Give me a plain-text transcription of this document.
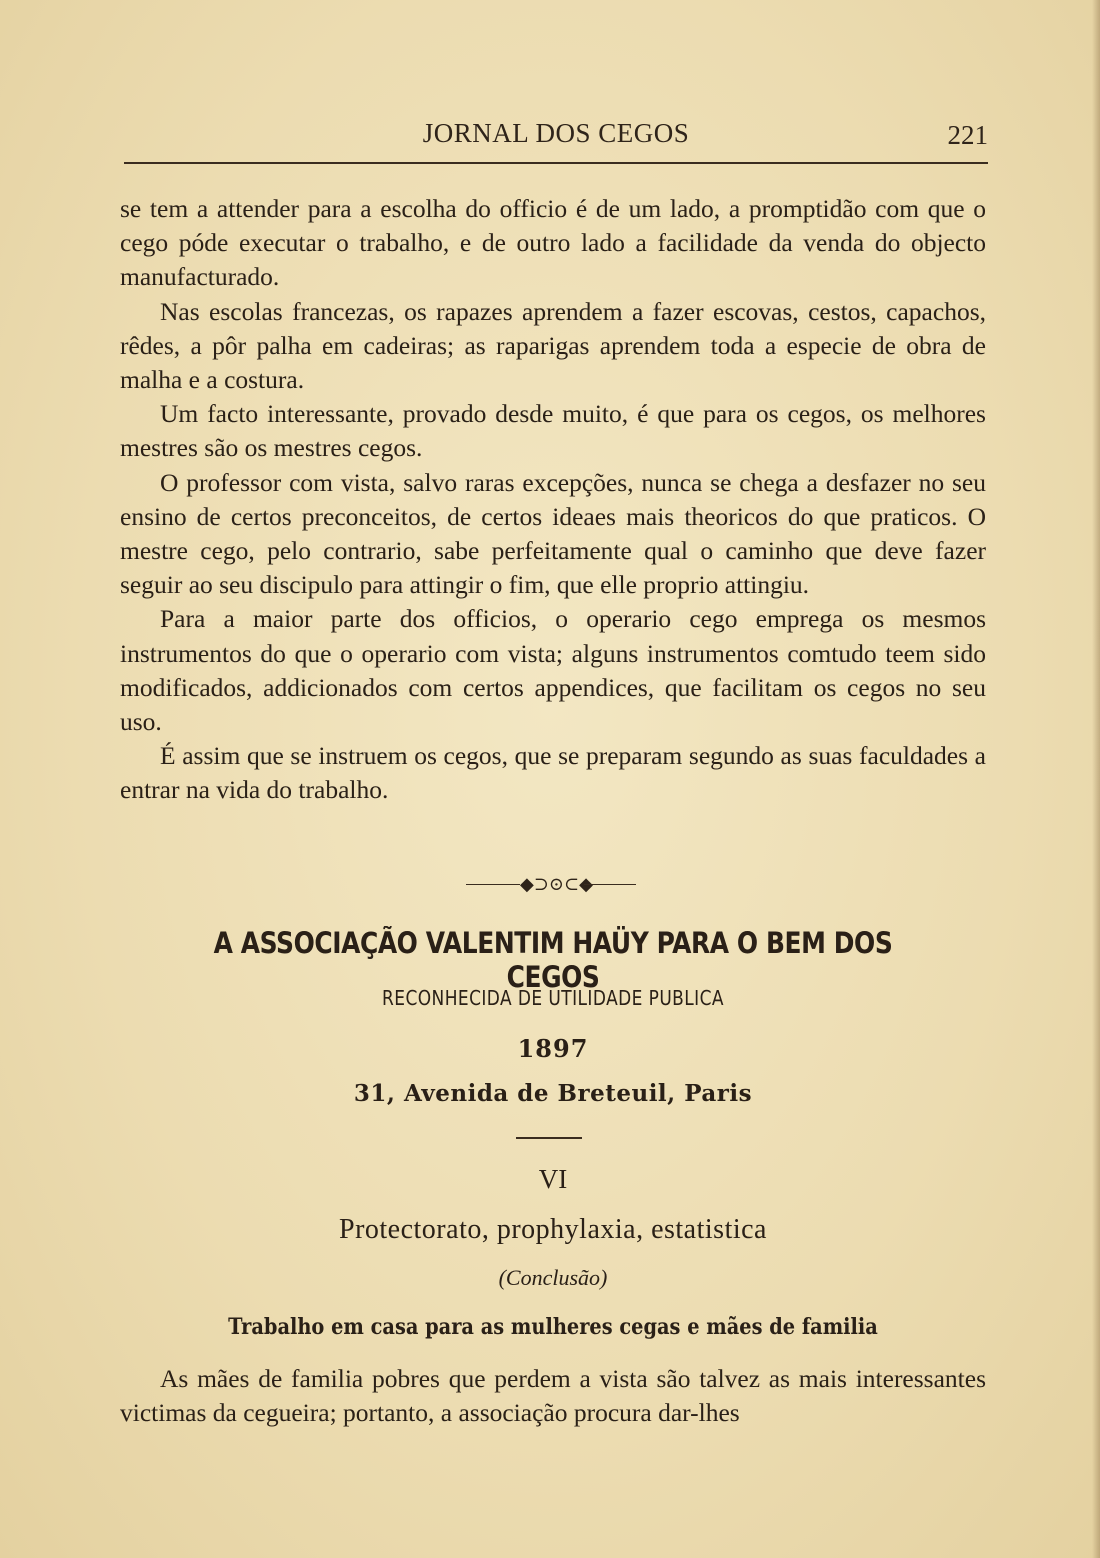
JORNAL DOS CEGOS	221

se tem a attender para a escolha do officio é de um lado, a promptidão com que o cego póde executar o trabalho, e de outro lado a facilidade da venda do objecto manufacturado.

Nas escolas francezas, os rapazes aprendem a fazer escovas, cestos, capachos, rêdes, a pôr palha em cadeiras; as raparigas aprendem toda a especie de obra de malha e a costura.

Um facto interessante, provado desde muito, é que para os cegos, os melhores mestres são os mestres cegos.

O professor com vista, salvo raras excepções, nunca se chega a desfazer no seu ensino de certos preconceitos, de certos ideaes mais theoricos do que praticos. O mestre cego, pelo contrario, sabe perfeitamente qual o caminho que deve fazer seguir ao seu discipulo para attingir o fim, que elle proprio attingiu.

Para a maior parte dos officios, o operario cego emprega os mesmos instrumentos do que o operario com vista; alguns instrumentos comtudo teem sido modificados, addicionados com certos appendices, que facilitam os cegos no seu uso.

É assim que se instruem os cegos, que se preparam segundo as suas faculdades a entrar na vida do trabalho.

◆⊃⊙⊂◆
A ASSOCIAÇÃO VALENTIM HAÜY PARA O BEM DOS CEGOS
RECONHECIDA DE UTILIDADE PUBLICA
1897
31, Avenida de Breteuil, Paris
VI
Protectorato, prophylaxia, estatistica
(Conclusão)
Trabalho em casa para as mulheres cegas e mães de familia

As mães de familia pobres que perdem a vista são talvez as mais interessantes victimas da cegueira; portanto, a associação procura dar-lhes
